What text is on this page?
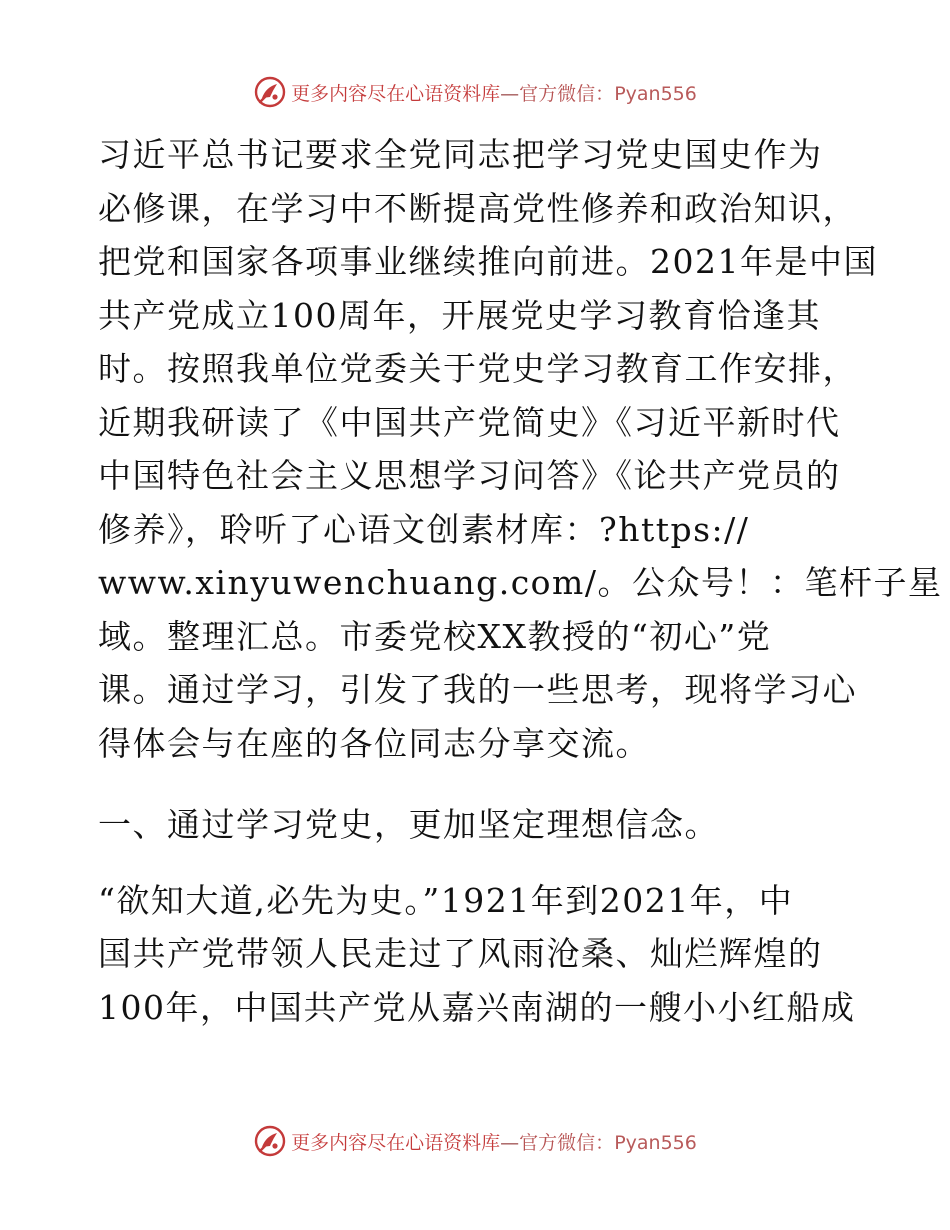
更多内容尽在心语资料库—官方微信：Pyan556

习近平总书记要求全党同志把学习党史国史作为
必修课，在学习中不断提高党性修养和政治知识，
把党和国家各项事业继续推向前进。2021年是中国
共产党成立100周年，开展党史学习教育恰逢其
时。按照我单位党委关于党史学习教育工作安排，
近期我研读了《中国共产党简史》《习近平新时代
中国特色社会主义思想学习问答》《论共产党员的
修养》，聆听了心语文创素材库：?https://
www.xinyuwenchuang.com/。公众号！：笔杆子星
域。整理汇总。市委党校XX教授的“初心”党
课。通过学习，引发了我的一些思考，现将学习心
得体会与在座的各位同志分享交流。

一、通过学习党史，更加坚定理想信念。

“欲知大道,必先为史。”1921年到2021年，中
国共产党带领人民走过了风雨沧桑、灿烂辉煌的
100年，中国共产党从嘉兴南湖的一艘小小红船成

更多内容尽在心语资料库—官方微信：Pyan556
